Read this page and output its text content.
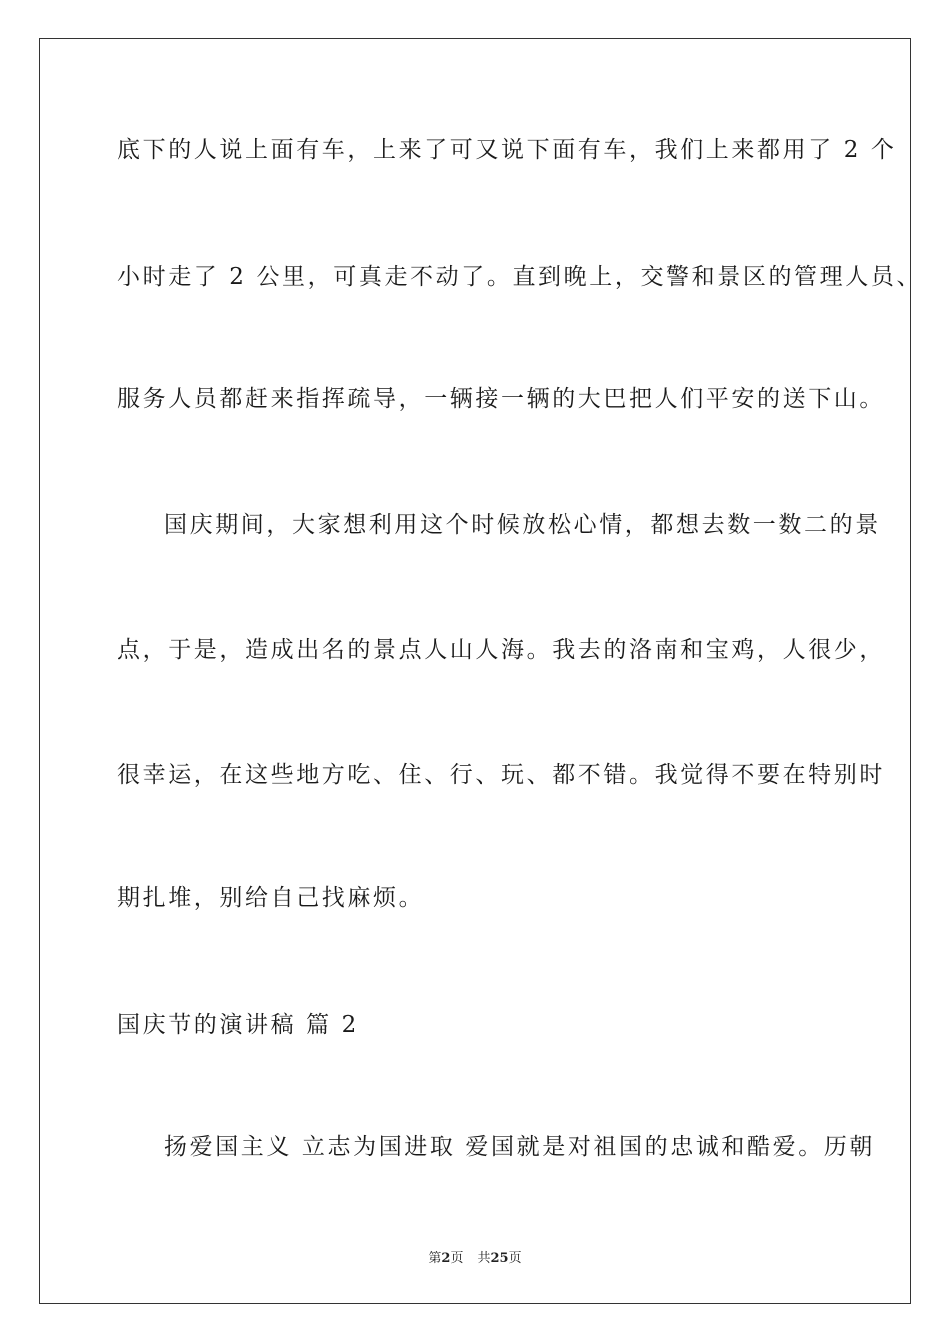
底下的人说上面有车，上来了可又说下面有车，我们上来都用了 2 个
小时走了 2 公里，可真走不动了。直到晚上，交警和景区的管理人员、
服务人员都赶来指挥疏导，一辆接一辆的大巴把人们平安的送下山。
国庆期间，大家想利用这个时候放松心情，都想去数一数二的景
点，于是，造成出名的景点人山人海。我去的洛南和宝鸡，人很少，
很幸运，在这些地方吃、住、行、玩、都不错。我觉得不要在特别时
期扎堆，别给自己找麻烦。
国庆节的演讲稿 篇 2
扬爱国主义 立志为国进取 爱国就是对祖国的忠诚和酷爱。历朝
第2页 共25页
